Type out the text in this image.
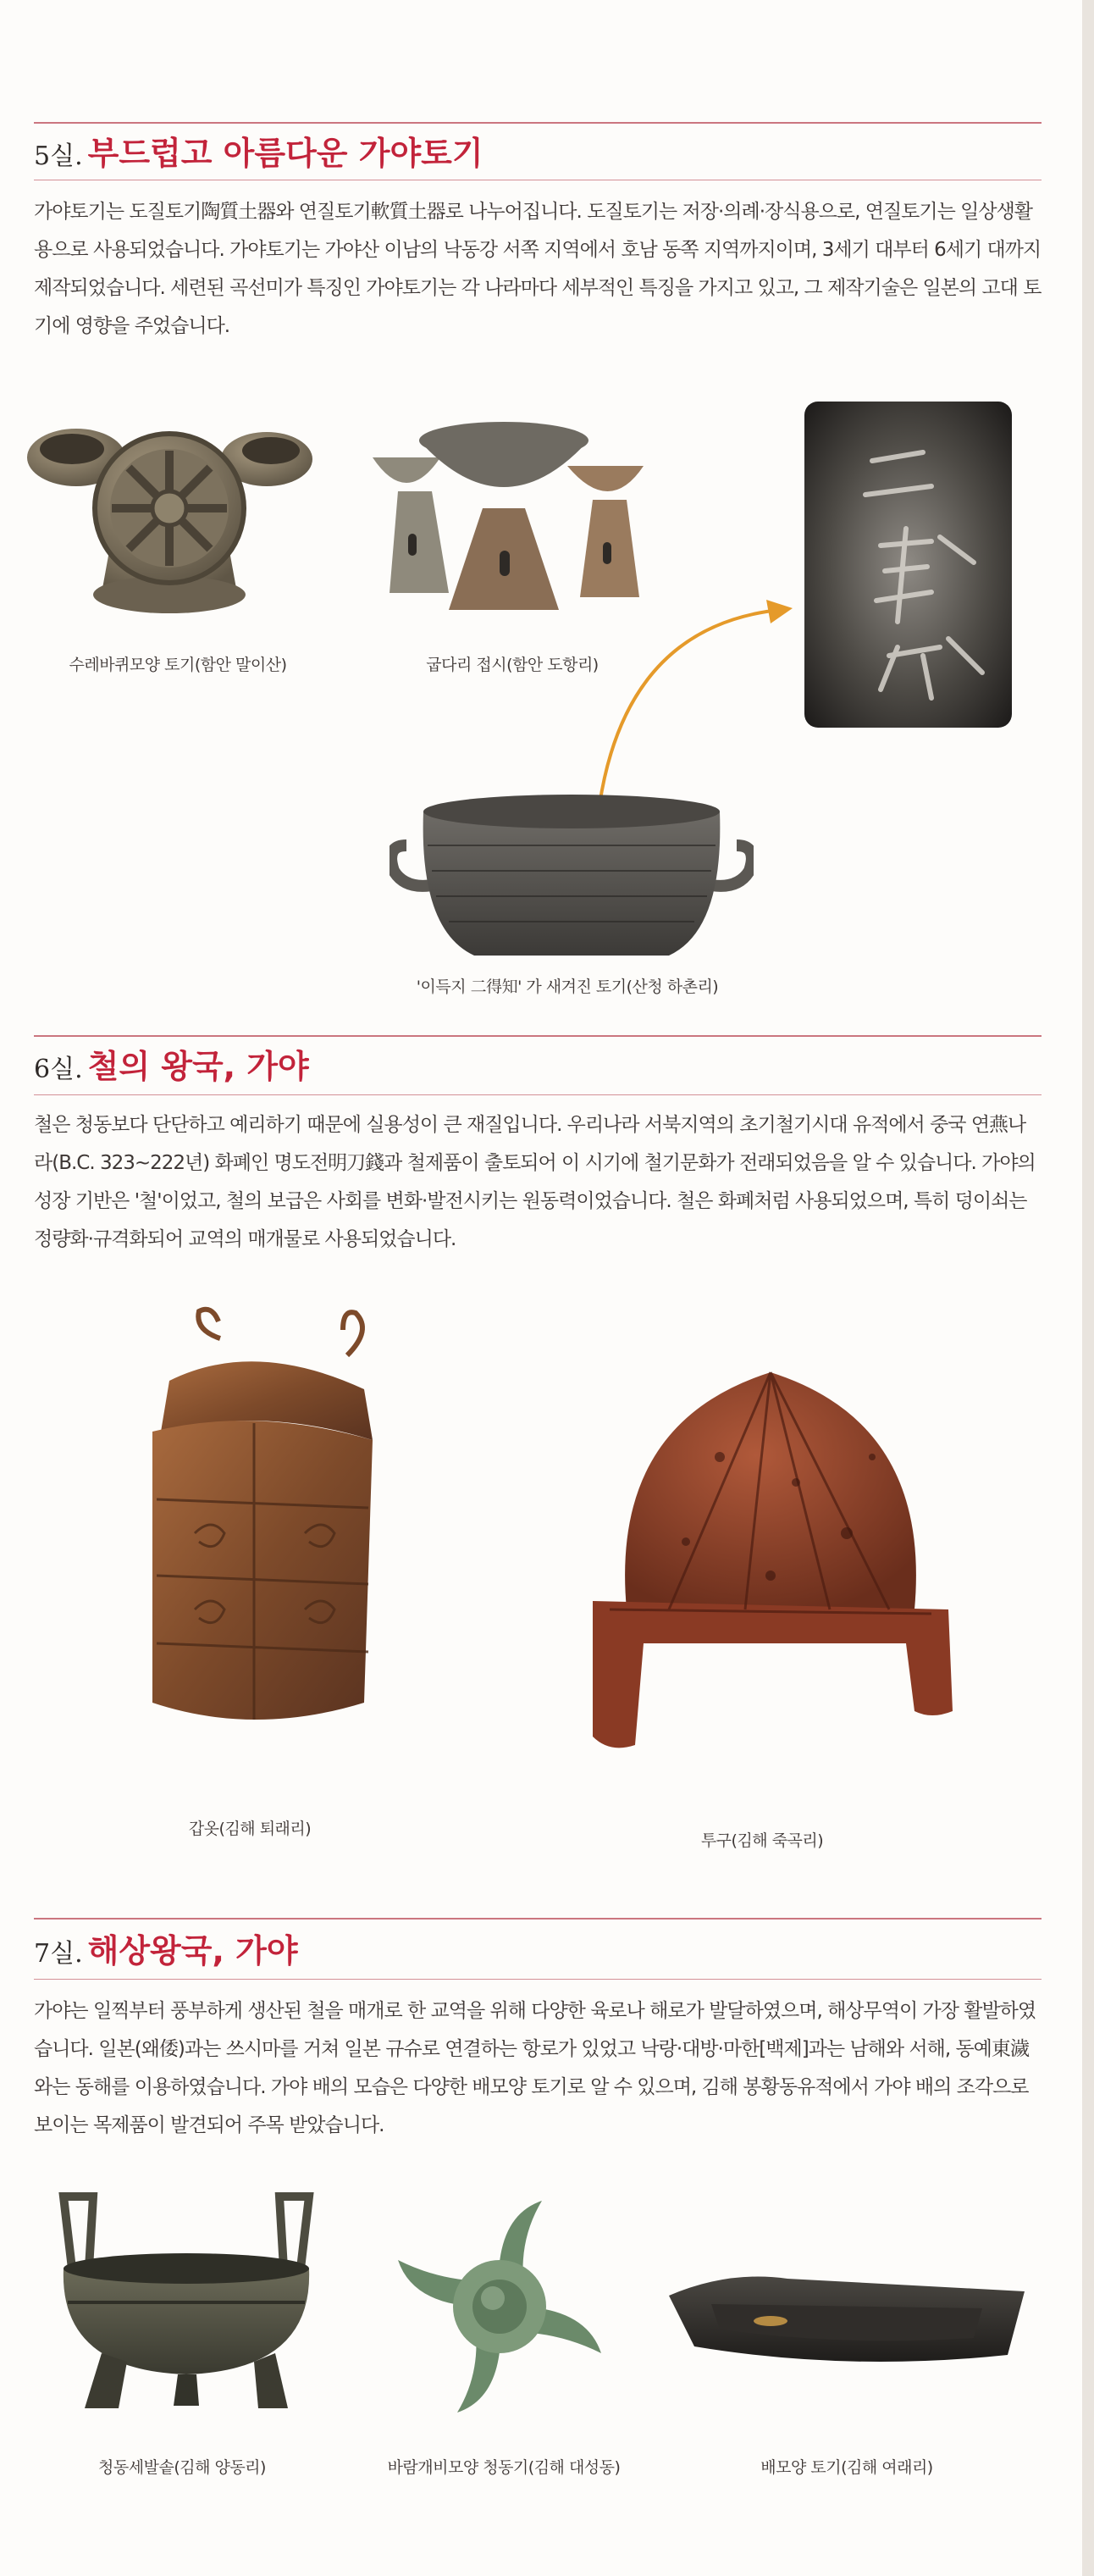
5실. 부드럽고 아름다운 가야토기

가야토기는 도질토기陶質土器와 연질토기軟質土器로 나누어집니다. 도질토기는 저장·의례·장식용으로, 연질토기는 일상생활용으로 사용되었습니다. 가야토기는 가야산 이남의 낙동강 서쪽 지역에서 호남 동쪽 지역까지이며, 3세기 대부터 6세기 대까지 제작되었습니다. 세련된 곡선미가 특징인 가야토기는 각 나라마다 세부적인 특징을 가지고 있고, 그 제작기술은 일본의 고대 토기에 영향을 주었습니다.

수레바퀴모양 토기(함안 말이산)	굽다리 접시(함안 도항리)
'이득지 二得知' 가 새겨진 토기(산청 하촌리)
6실. 철의 왕국, 가야

철은 청동보다 단단하고 예리하기 때문에 실용성이 큰 재질입니다. 우리나라 서북지역의 초기철기시대 유적에서 중국 연燕나라(B.C. 323~222년) 화폐인 명도전明刀錢과 철제품이 출토되어 이 시기에 철기문화가 전래되었음을 알 수 있습니다. 가야의 성장 기반은 '철'이었고, 철의 보급은 사회를 변화·발전시키는 원동력이었습니다. 철은 화폐처럼 사용되었으며, 특히 덩이쇠는 정량화·규격화되어 교역의 매개물로 사용되었습니다.

갑옷(김해 퇴래리)
투구(김해 죽곡리)
7실. 해상왕국, 가야

가야는 일찍부터 풍부하게 생산된 철을 매개로 한 교역을 위해 다양한 육로나 해로가 발달하였으며, 해상무역이 가장 활발하였습니다. 일본(왜倭)과는 쓰시마를 거쳐 일본 규슈로 연결하는 항로가 있었고 낙랑·대방·마한[백제]과는 남해와 서해, 동예東濊와는 동해를 이용하였습니다. 가야 배의 모습은 다양한 배모양 토기로 알 수 있으며, 김해 봉황동유적에서 가야 배의 조각으로 보이는 목제품이 발견되어 주목 받았습니다.

청동세발솥(김해 양동리)	바람개비모양 청동기(김해 대성동)	배모양 토기(김해 여래리)
